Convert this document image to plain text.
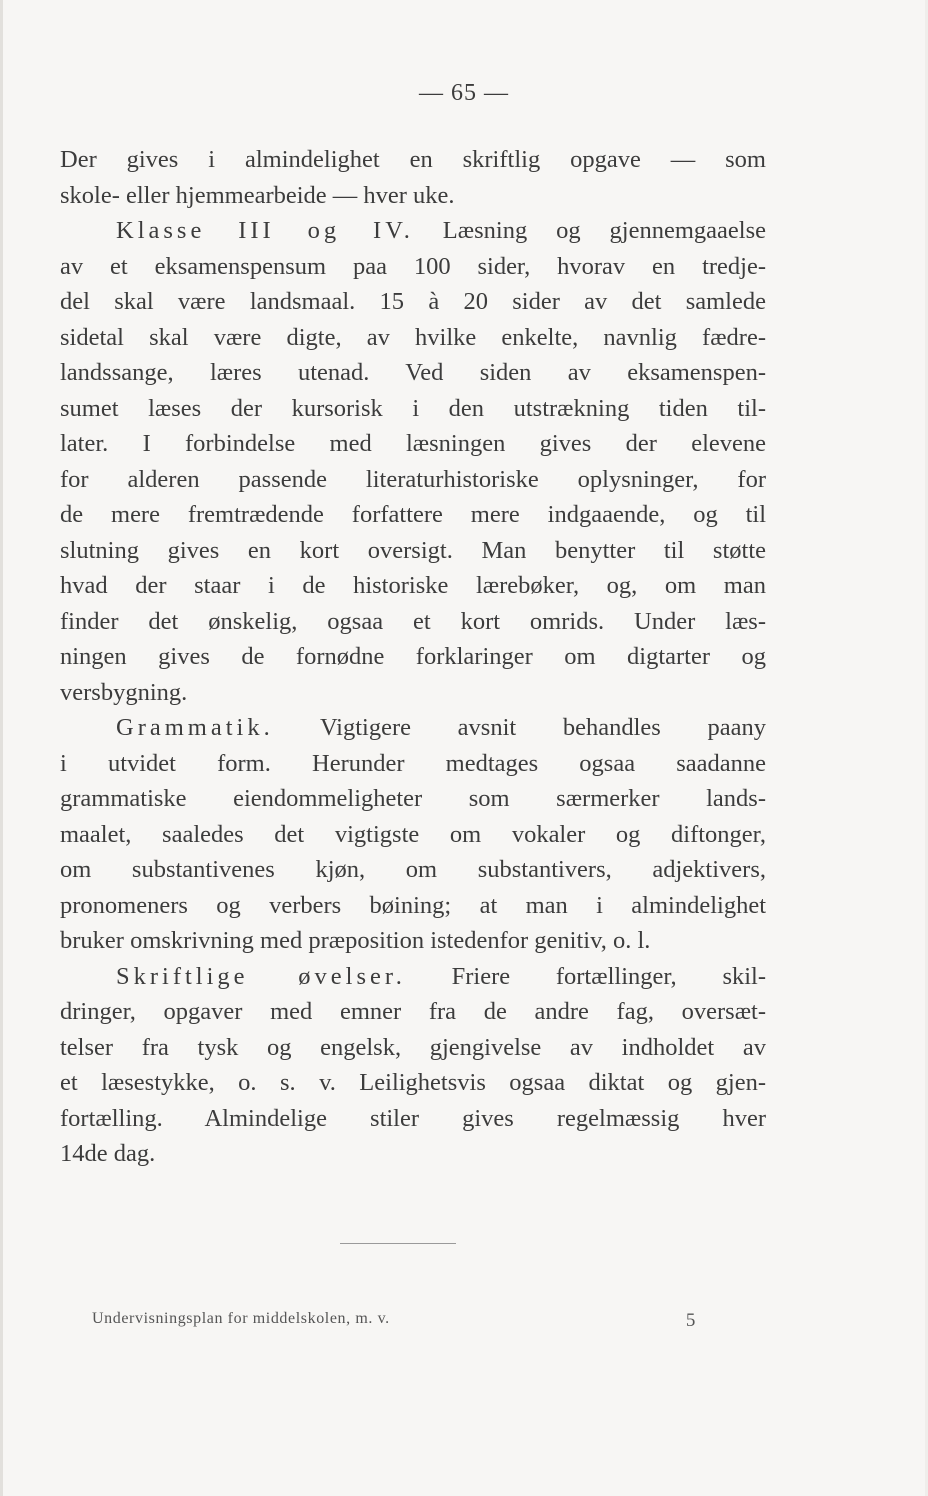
— 65 —
Der gives i almindelighet en skriftlig opgave — som
skole- eller hjemmearbeide — hver uke.
Klasse III og IV. Læsning og gjennemgaaelse
av et eksamenspensum paa 100 sider, hvorav en tredje-
del skal være landsmaal. 15 à 20 sider av det samlede
sidetal skal være digte, av hvilke enkelte, navnlig fædre-
landssange, læres utenad. Ved siden av eksamenspen-
sumet læses der kursorisk i den utstrækning tiden til-
later. I forbindelse med læsningen gives der elevene
for alderen passende literaturhistoriske oplysninger, for
de mere fremtrædende forfattere mere indgaaende, og til
slutning gives en kort oversigt. Man benytter til støtte
hvad der staar i de historiske lærebøker, og, om man
finder det ønskelig, ogsaa et kort omrids. Under læs-
ningen gives de fornødne forklaringer om digtarter og
versbygning.
Grammatik. Vigtigere avsnit behandles paany
i utvidet form. Herunder medtages ogsaa saadanne
grammatiske eiendommeligheter som særmerker lands-
maalet, saaledes det vigtigste om vokaler og diftonger,
om substantivenes kjøn, om substantivers, adjektivers,
pronomeners og verbers bøining; at man i almindelighet
bruker omskrivning med præposition istedenfor genitiv, o. l.
Skriftlige øvelser. Friere fortællinger, skil-
dringer, opgaver med emner fra de andre fag, oversæt-
telser fra tysk og engelsk, gjengivelse av indholdet av
et læsestykke, o. s. v. Leilighetsvis ogsaa diktat og gjen-
fortælling. Almindelige stiler gives regelmæssig hver
14de dag.
Undervisningsplan for middelskolen, m. v.	5
